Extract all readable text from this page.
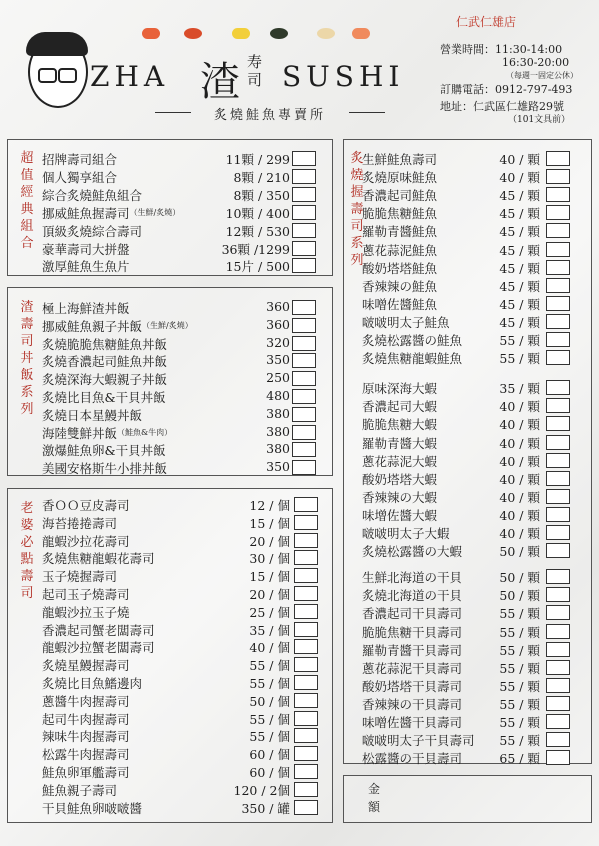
ZHA 渣 寿
司 SUSHI
炙燒鮭魚專賣所
仁武仁雄店
營業時間：11:30-14:00
16:30-20:00
（每週一固定公休）
訂購電話：0912-797-493
地址：仁武區仁雄路29號
（101文具前）
超值經典組合
渣壽司丼飯系列
老婆必點壽司
炙燒握壽司系列
金
額
招牌壽司組合	11顆 / 299
個人獨享組合	8顆 / 210
綜合炙燒鮭魚組合	8顆 / 350
挪威鮭魚握壽司 （生鮮/炙燒）	10顆 / 400
頂級炙燒綜合壽司	12顆 / 530
豪華壽司大拼盤	36顆 /1299
激厚鮭魚生魚片	15片 / 500
極上海鮮渣丼飯	360
挪威鮭魚親子丼飯 （生鮮/炙燒）	360
炙燒脆脆焦糖鮭魚丼飯	320
炙燒香濃起司鮭魚丼飯	350
炙燒深海大蝦親子丼飯	250
炙燒比目魚&干貝丼飯	480
炙燒日本星鰻丼飯	380
海陸雙鮮丼飯 （鮭魚&牛肉）	380
激爆鮭魚卵&干貝丼飯	380
美國安格斯牛小排丼飯	350
香ＯＯ豆皮壽司	12 / 個
海苔捲捲壽司	15 / 個
龍蝦沙拉花壽司	20 / 個
炙燒焦糖龍蝦花壽司	30 / 個
玉子燒握壽司	15 / 個
起司玉子燒壽司	20 / 個
龍蝦沙拉玉子燒	25 / 個
香濃起司蟹老闆壽司	35 / 個
龍蝦沙拉蟹老闆壽司	40 / 個
炙燒星鰻握壽司	55 / 個
炙燒比目魚鰭邊肉	55 / 個
蔥醬牛肉握壽司	50 / 個
起司牛肉握壽司	55 / 個
辣味牛肉握壽司	55 / 個
松露牛肉握壽司	60 / 個
鮭魚卵軍艦壽司	60 / 個
鮭魚親子壽司	120 / 2個
干貝鮭魚卵啵啵醬	350 / 罐
生鮮鮭魚壽司	40 / 顆
炙燒原味鮭魚	40 / 顆
香濃起司鮭魚	45 / 顆
脆脆焦糖鮭魚	45 / 顆
羅勒青醬鮭魚	45 / 顆
蔥花蒜泥鮭魚	45 / 顆
酸奶塔塔鮭魚	45 / 顆
香辣辣の鮭魚	45 / 顆
味噌佐醬鮭魚	45 / 顆
啵啵明太子鮭魚	45 / 顆
炙燒松露醬の鮭魚	55 / 顆
炙燒焦糖龍蝦鮭魚	55 / 顆
原味深海大蝦	35 / 顆
香濃起司大蝦	40 / 顆
脆脆焦糖大蝦	40 / 顆
羅勒青醬大蝦	40 / 顆
蔥花蒜泥大蝦	40 / 顆
酸奶塔塔大蝦	40 / 顆
香辣辣の大蝦	40 / 顆
味增佐醬大蝦	40 / 顆
啵啵明太子大蝦	40 / 顆
炙燒松露醬の大蝦	50 / 顆
生鮮北海道の干貝	50 / 顆
炙燒北海道の干貝	50 / 顆
香濃起司干貝壽司	55 / 顆
脆脆焦糖干貝壽司	55 / 顆
羅勒青醬干貝壽司	55 / 顆
蔥花蒜泥干貝壽司	55 / 顆
酸奶塔塔干貝壽司	55 / 顆
香辣辣の干貝壽司	55 / 顆
味噌佐醬干貝壽司	55 / 顆
啵啵明太子干貝壽司 55 / 顆
松露醬の干貝壽司	65 / 顆
